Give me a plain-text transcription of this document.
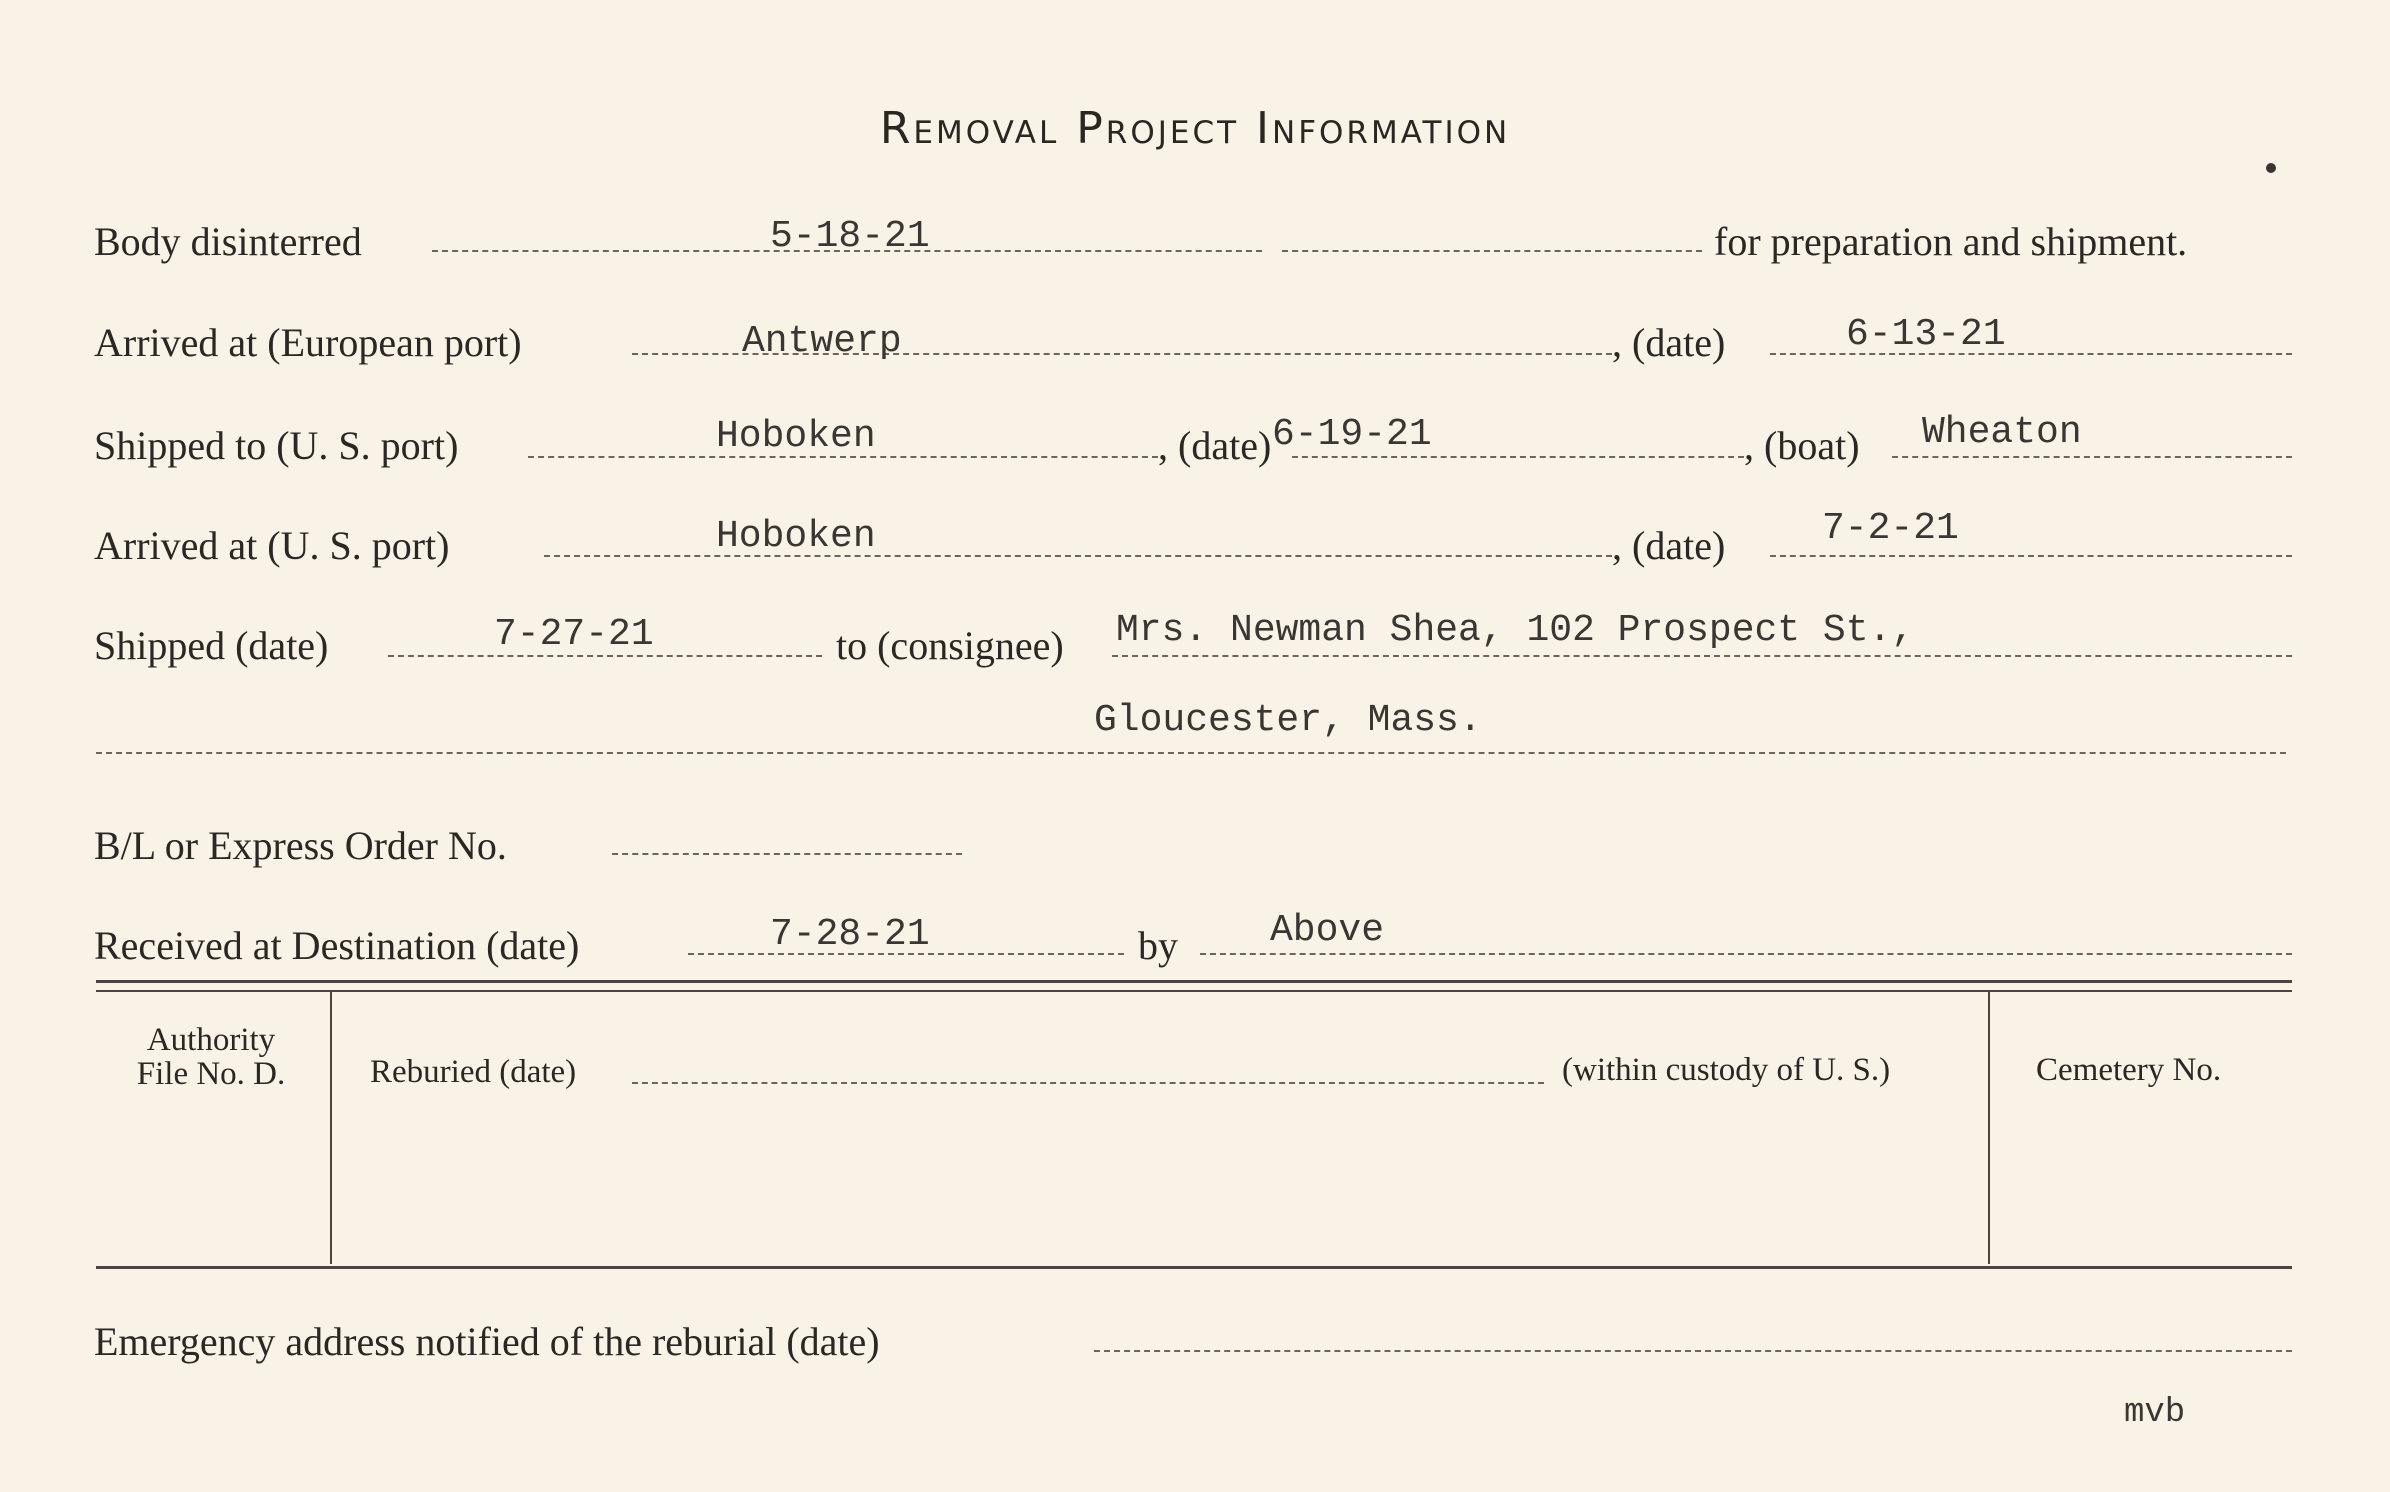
Removal Project Information
Body disinterred	5-18-21	for preparation and shipment.
Arrived at (European port)	Antwerp	, (date)	6-13-21
Shipped to (U. S. port)	Hoboken	, (date) 6-19-21	, (boat) Wheaton
Arrived at (U. S. port)	Hoboken	, (date)	7-2-21
Shipped (date)	7-27-21	to (consignee) Mrs. Newman Shea, 102 Prospect St.,
Gloucester, Mass.
B/L or Express Order No.
Received at Destination (date)	7-28-21	by Above
Authority
File No. D.	Reburied (date)	(within custody of U. S.)	Cemetery No.
Emergency address notified of the reburial (date)
mvb
